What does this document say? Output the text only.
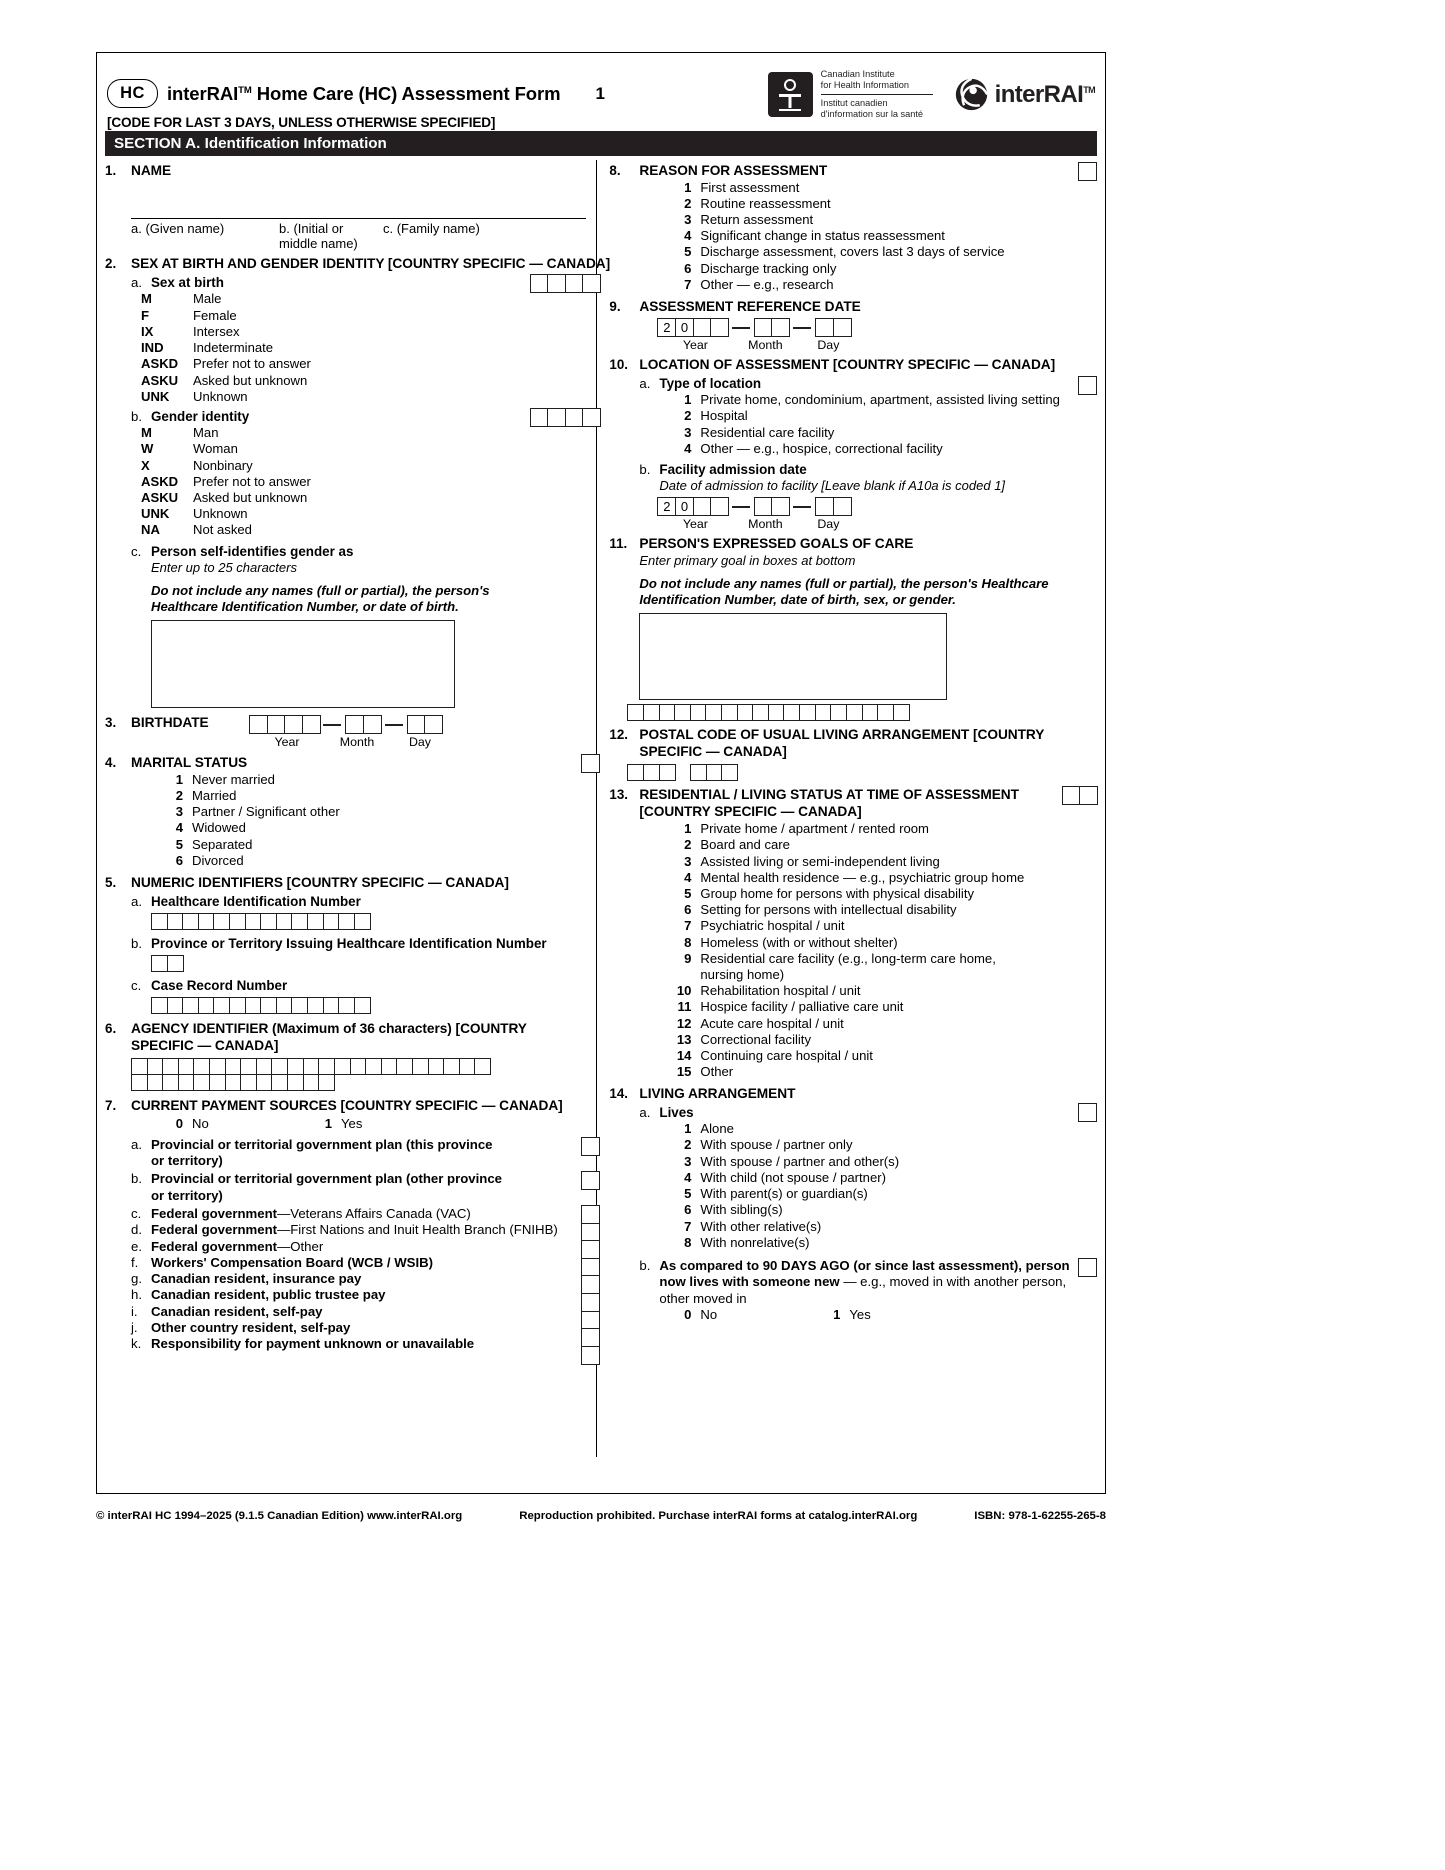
HC	interRAI™ Home Care (HC) Assessment Form 1
[CODE FOR LAST 3 DAYS, UNLESS OTHERWISE SPECIFIED]
Canadian Institute
for Health Information
Institut canadien
d'information sur la santé
interRAI™
SECTION A.
Identification Information
1.	NAME
a. (Given name)	b. (Initial or
middle name)
c. (Family name)
2.	SEX AT BIRTH AND GENDER IDENTITY [COUNTRY SPECIFIC — CANADA]
a. Sex at birth
M	Male
F	Female
IX	Intersex
IND	Indeterminate
ASKD	Prefer not to answer
ASKU	Asked but unknown
UNK	Unknown
b. Gender identity
M	Man
W	Woman
X	Nonbinary
ASKD	Prefer not to answer
ASKU	Asked but unknown
UNK	Unknown
NA	Not asked
c. Person self-identifies gender as
Enter up to 25 characters
Do not include any names (full or partial), the person's
Healthcare Identification Number, or date of birth.
3.	BIRTHDATE
Year	Month	Day
4.	MARITAL STATUS
1 Never married
2 Married
3 Partner / Significant other
4 Widowed
5 Separated
6 Divorced
5.	NUMERIC IDENTIFIERS [COUNTRY SPECIFIC — CANADA]
a. Healthcare Identification Number
b. Province or Territory Issuing Healthcare Identification Number
c. Case Record Number
6.	AGENCY IDENTIFIER (Maximum of 36 characters) [COUNTRY SPECIFIC — CANADA]
7.	CURRENT PAYMENT SOURCES [COUNTRY SPECIFIC — CANADA]
0 No	1 Yes
a. Provincial or territorial government plan (this province
or territory)
b. Provincial or territorial government plan (other province
or territory)
c. Federal government—Veterans Affairs Canada (VAC)
d. Federal government—First Nations and Inuit Health Branch (FNIHB)
e. Federal government—Other
f. Workers' Compensation Board (WCB / WSIB)
g. Canadian resident, insurance pay
h. Canadian resident, public trustee pay
i.	Canadian resident, self-pay
j.	Other country resident, self-pay
k. Responsibility for payment unknown or unavailable
8.	REASON FOR ASSESSMENT
1 First assessment
2 Routine reassessment
3 Return assessment
4 Significant change in status reassessment
5 Discharge assessment, covers last 3 days of service
6 Discharge tracking only
7 Other — e.g., research
9.	ASSESSMENT REFERENCE DATE
2 0
Year	Month	Day
10. LOCATION OF ASSESSMENT [COUNTRY SPECIFIC — CANADA]
a. Type of location
1 Private home, condominium, apartment, assisted living setting
2 Hospital
3 Residential care facility
4 Other — e.g., hospice, correctional facility
b. Facility admission date
Date of admission to facility [Leave blank if A10a is coded 1]
2 0
Year	Month	Day
11. PERSON'S EXPRESSED GOALS OF CARE
Enter primary goal in boxes at bottom
Do not include any names (full or partial), the person's Healthcare
Identification Number, date of birth, sex, or gender.
12. POSTAL CODE OF USUAL LIVING ARRANGEMENT [COUNTRY
SPECIFIC — CANADA]
13. RESIDENTIAL / LIVING STATUS AT TIME OF ASSESSMENT
[COUNTRY SPECIFIC — CANADA]
1 Private home / apartment / rented room
2 Board and care
3 Assisted living or semi-independent living
4 Mental health residence — e.g., psychiatric group home
5 Group home for persons with physical disability
6 Setting for persons with intellectual disability
7 Psychiatric hospital / unit
8 Homeless (with or without shelter)
9 Residential care facility (e.g., long-term care home,
nursing home)
10 Rehabilitation hospital / unit
11 Hospice facility / palliative care unit
12 Acute care hospital / unit
13 Correctional facility
14 Continuing care hospital / unit
15 Other
14. LIVING ARRANGEMENT
a. Lives
1 Alone
2 With spouse / partner only
3 With spouse / partner and other(s)
4 With child (not spouse / partner)
5 With parent(s) or guardian(s)
6 With sibling(s)
7 With other relative(s)
8 With nonrelative(s)
b. As compared to 90 DAYS AGO (or since last assessment), person
now lives with someone new — e.g., moved in with another person,
other moved in
0 No	1 Yes
© interRAI HC 1994–2025 (9.1.5 Canadian Edition) www.interRAI.org	Reproduction prohibited. Purchase interRAI forms at catalog.interRAI.org	ISBN: 978-1-62255-265-8
